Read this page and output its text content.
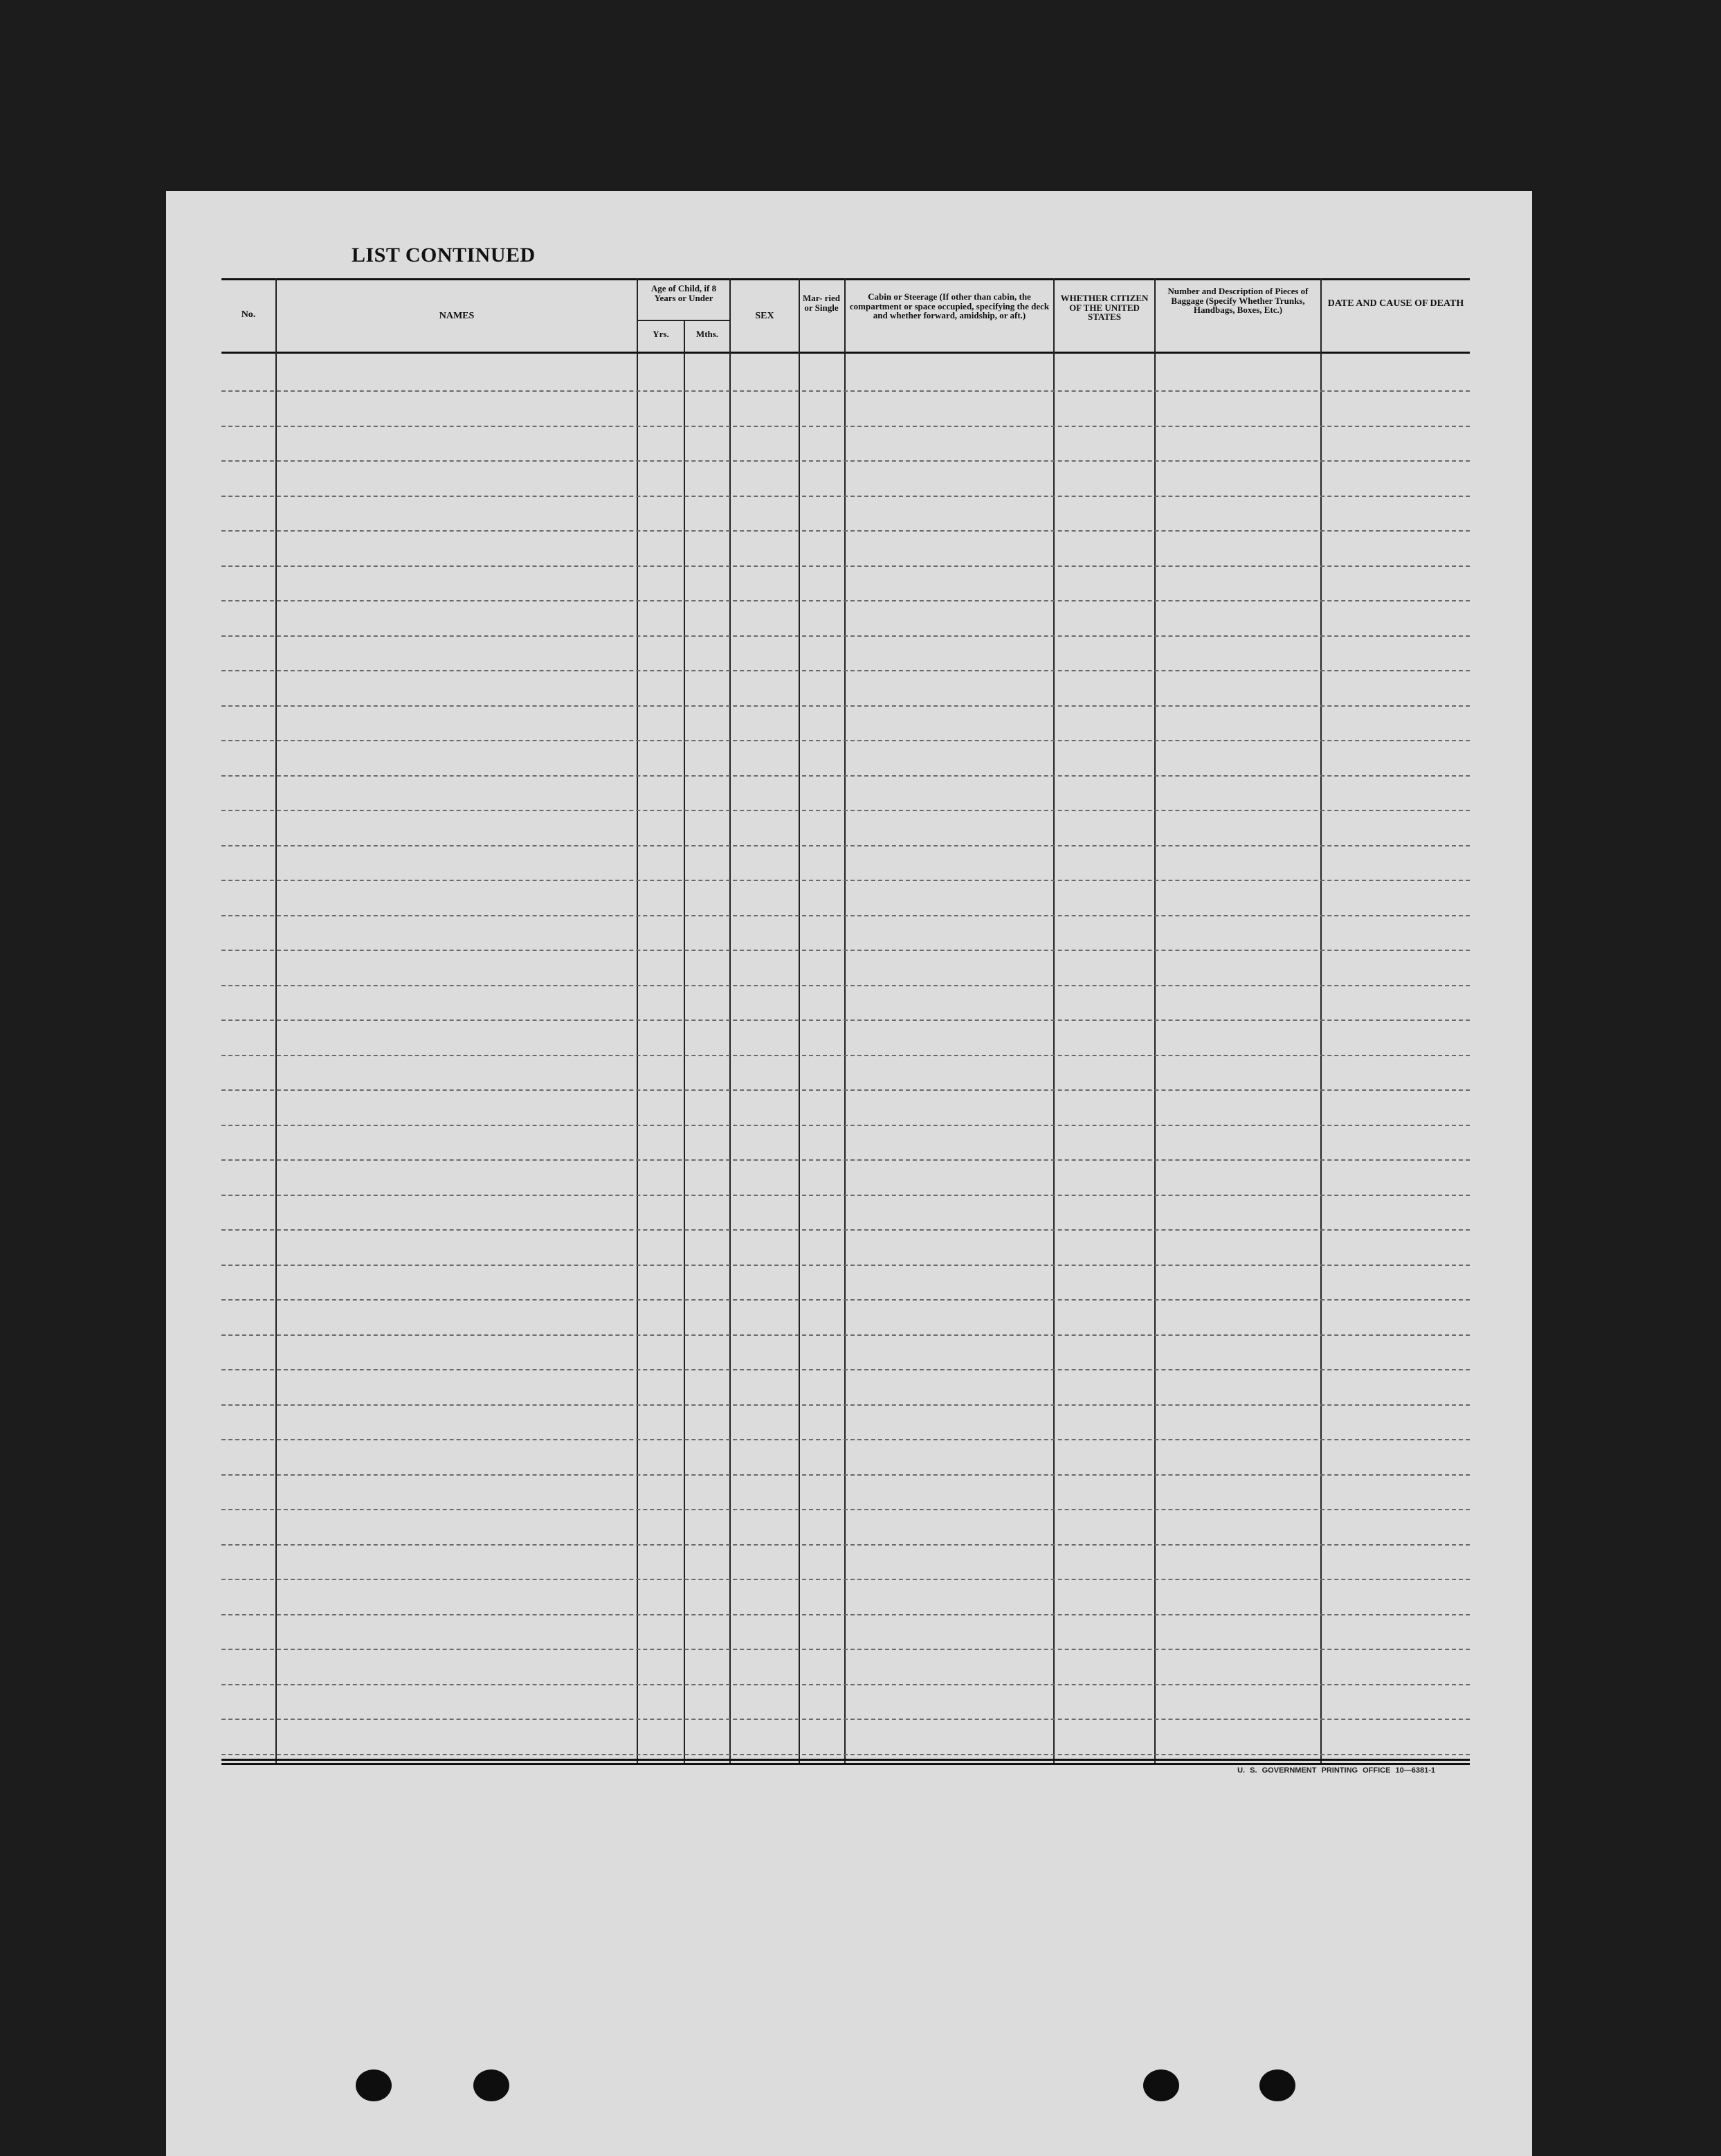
LIST CONTINUED
No.	NAMES
Age of Child, if 8 Years or Under
Yrs.	Mths.
SEX
Mar- ried or Single
Cabin or Steerage (If other than cabin, the compartment or space occupied, specifying the deck and whether forward, amidship, or aft.)
WHETHER CITIZEN OF THE UNITED STATES
Number and Description of Pieces of Baggage (Specify Whether Trunks, Handbags, Boxes, Etc.)
DATE AND CAUSE OF DEATH
U. S. GOVERNMENT PRINTING OFFICE 10—6381-1
